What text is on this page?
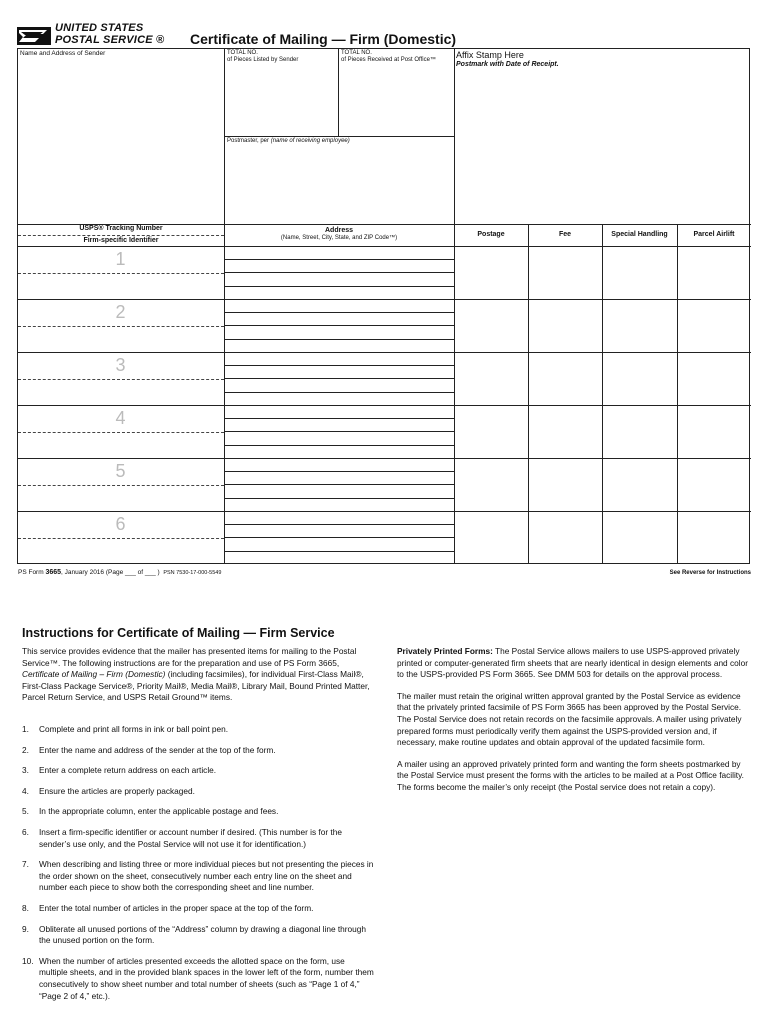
UNITED STATES
POSTAL SERVICE ® Certificate of Mailing — Firm (Domestic)
Name and Address of Sender	TOTAL NO.
of Pieces Listed by Sender
TOTAL NO.
of Pieces Received at Post Office™
Postmaster, per (name of receiving employee)
Affix Stamp Here
Postmark with Date of Receipt.
USPS® Tracking Number
Firm-specific Identifier
Address
(Name, Street, City, State, and ZIP Code™)	Postage	Fee	Special Handling	Parcel Airlift
1
2
3
4
5
6
PS Form 3665, January 2016 (Page ___ of ___ ) PSN 7530-17-000-5549	See Reverse for Instructions
Instructions for Certificate of Mailing — Firm Service
This service provides evidence that the mailer has presented items for mailing to the Postal Service™. The following instructions are for the preparation and use of PS Form 3665, Certificate of Mailing – Firm (Domestic) (including facsimiles), for individual First-Class Mail®, First-Class Package Service®, Priority Mail®, Media Mail®, Library Mail, Bound Printed Matter, Parcel Return Service, and USPS Retail Ground™ items.
1. Complete and print all forms in ink or ball point pen.
2. Enter the name and address of the sender at the top of the form.
3. Enter a complete return address on each article.
4. Ensure the articles are properly packaged.
5. In the appropriate column, enter the applicable postage and fees.
6. Insert a firm-specific identifier or account number if desired. (This number is for the sender’s use only, and the Postal Service will not use it for identification.)
7. When describing and listing three or more individual pieces but not presenting the pieces in the order shown on the sheet, consecutively number each entry line on the sheet and number each piece to show both the corresponding sheet and line number.
8. Enter the total number of articles in the proper space at the top of the form.
9. Obliterate all unused portions of the “Address” column by drawing a diagonal line through the unused portion on the form.
10. When the number of articles presented exceeds the allotted space on the form, use multiple sheets, and in the provided blank spaces in the lower left of the form, number them consecutively to show sheet number and total number of sheets (such as “Page 1 of 4,” “Page 2 of 4,” etc.).

Privately Printed Forms: The Postal Service allows mailers to use USPS-approved privately printed or computer-generated firm sheets that are nearly identical in design elements and color to the USPS-provided PS Form 3665. See DMM 503 for details on the approval process.

The mailer must retain the original written approval granted by the Postal Service as evidence that the privately printed facsimile of PS Form 3665 has been approved by the Postal Service. The Postal Service does not retain records on the facsimile approvals. A mailer using privately prepared forms must periodically verify them against the USPS-provided version and, if necessary, make routine updates and obtain approval of the updated facsimile form.

A mailer using an approved privately printed form and wanting the form sheets postmarked by the Postal Service must present the forms with the articles to be mailed at a Post Office facility. The forms become the mailer’s only receipt (the Postal service does not retain a copy).
